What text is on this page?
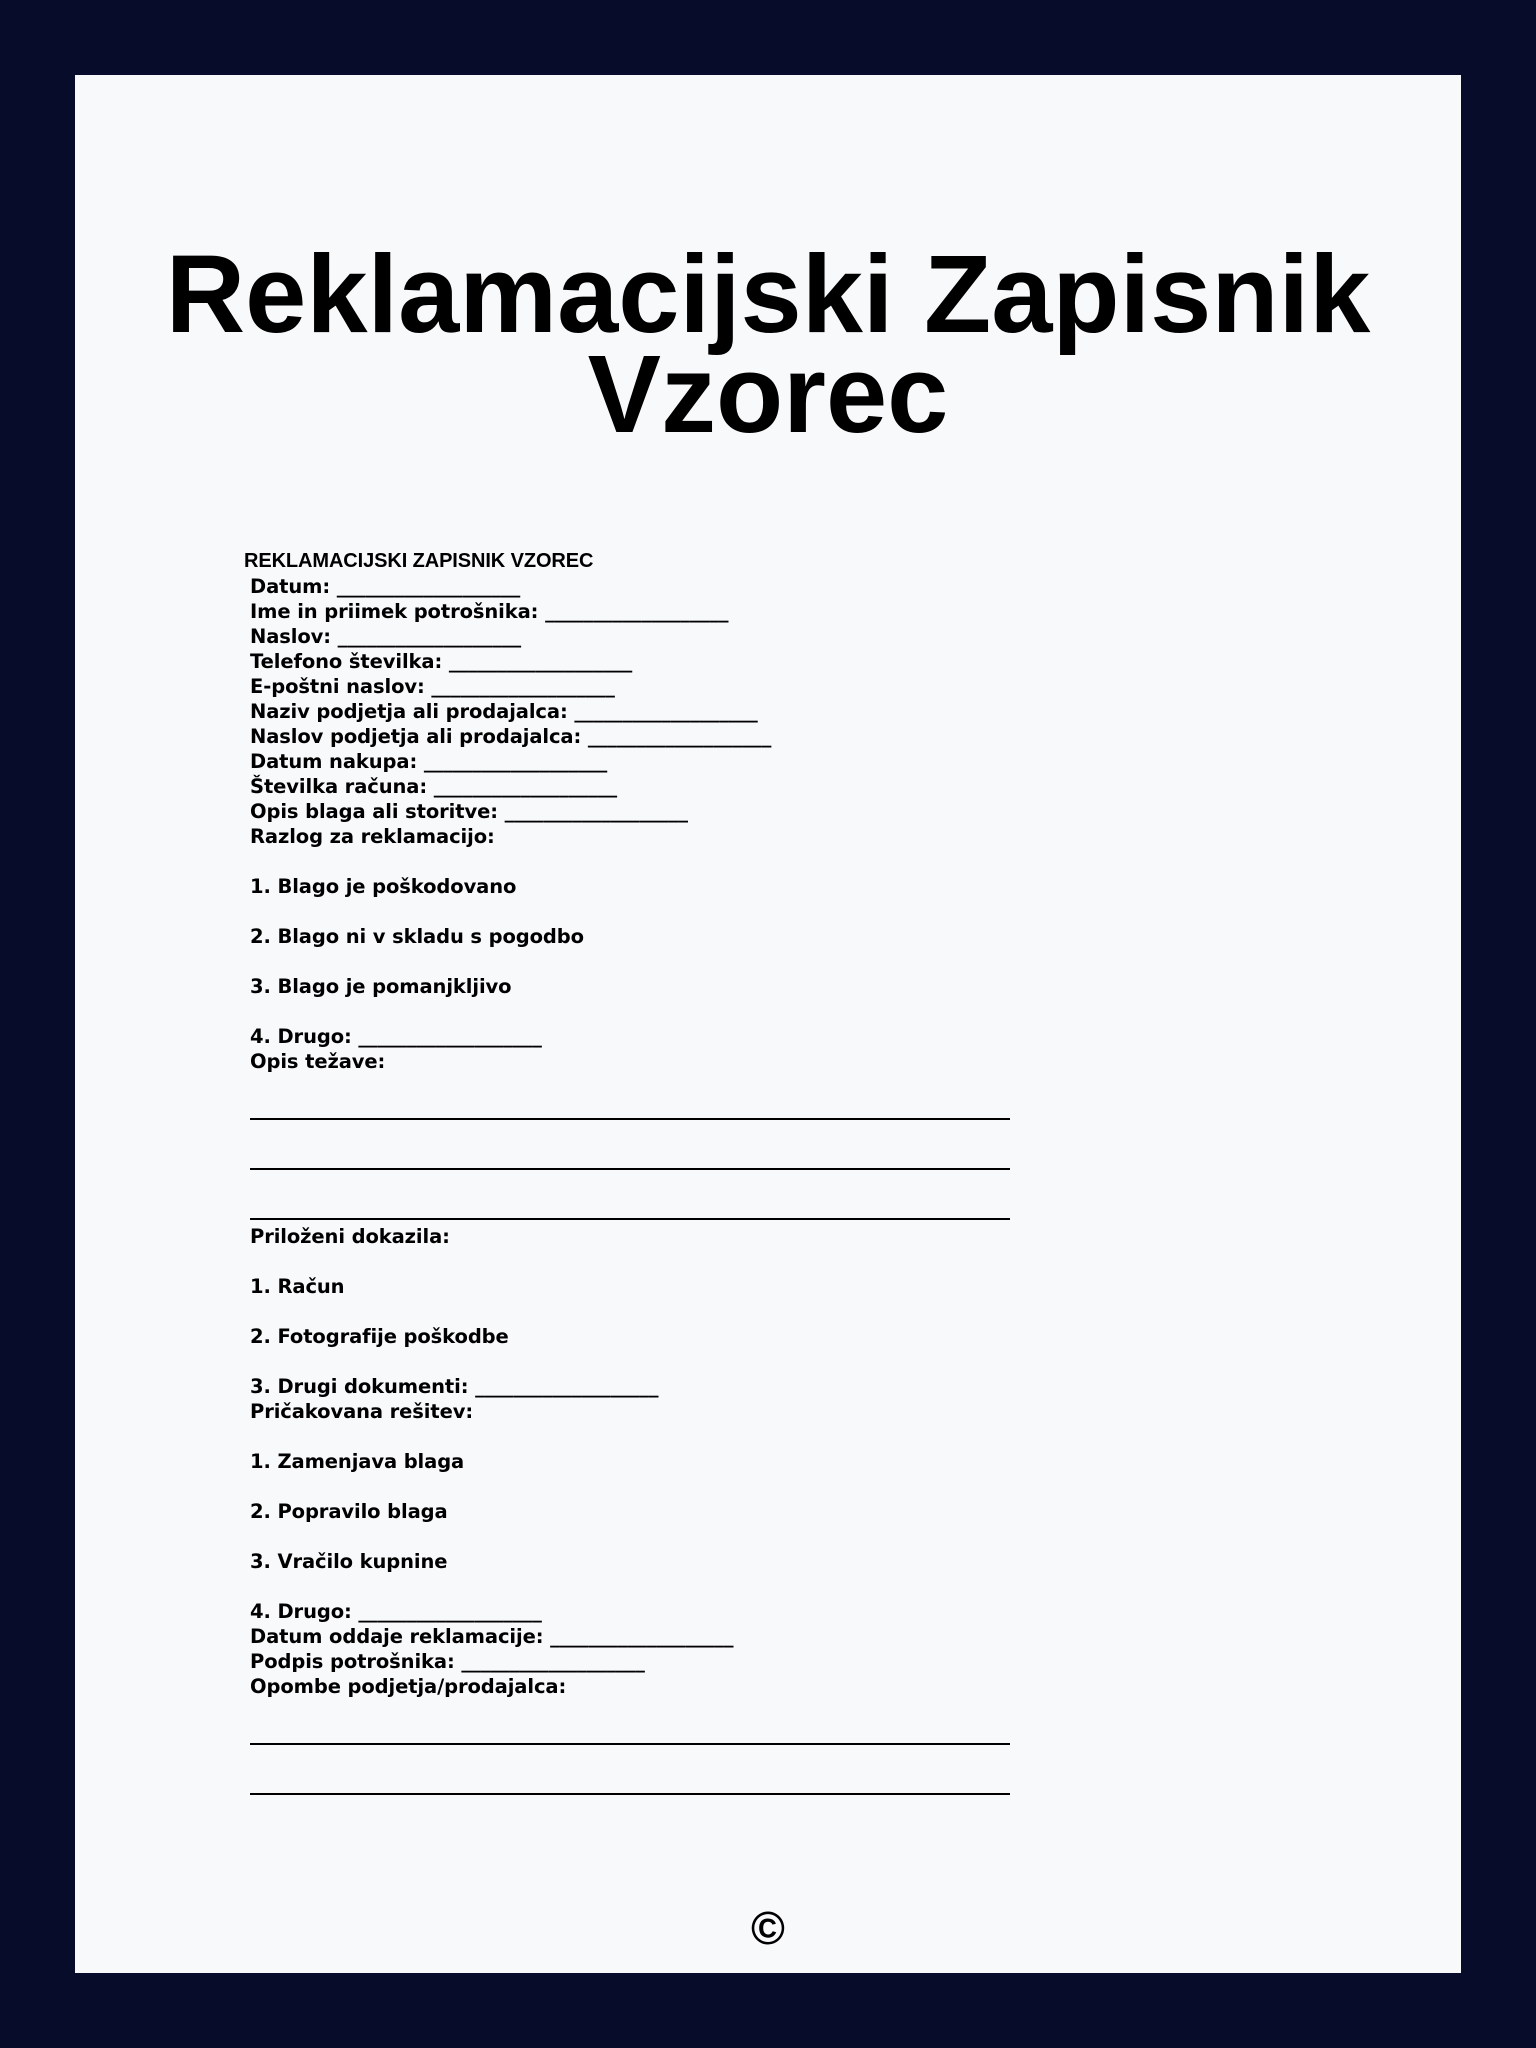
Reklamacijski Zapisnik
Vzorec
REKLAMACIJSKI ZAPISNIK VZOREC
Datum: ___________________
Ime in priimek potrošnika: ___________________
Naslov: ___________________
Telefono številka: ___________________
E-poštni naslov: ___________________
Naziv podjetja ali prodajalca: ___________________
Naslov podjetja ali prodajalca: ___________________
Datum nakupa: ___________________
Številka računa: ___________________
Opis blaga ali storitve: ___________________
Razlog za reklamacijo:
1. Blago je poškodovano
2. Blago ni v skladu s pogodbo
3. Blago je pomanjkljivo
4. Drugo: ___________________
Opis težave:
Priloženi dokazila:
1. Račun
2. Fotografije poškodbe
3. Drugi dokumenti: ___________________
Pričakovana rešitev:
1. Zamenjava blaga
2. Popravilo blaga
3. Vračilo kupnine
4. Drugo: ___________________
Datum oddaje reklamacije: ___________________
Podpis potrošnika: ___________________
Opombe podjetja/prodajalca:
©
